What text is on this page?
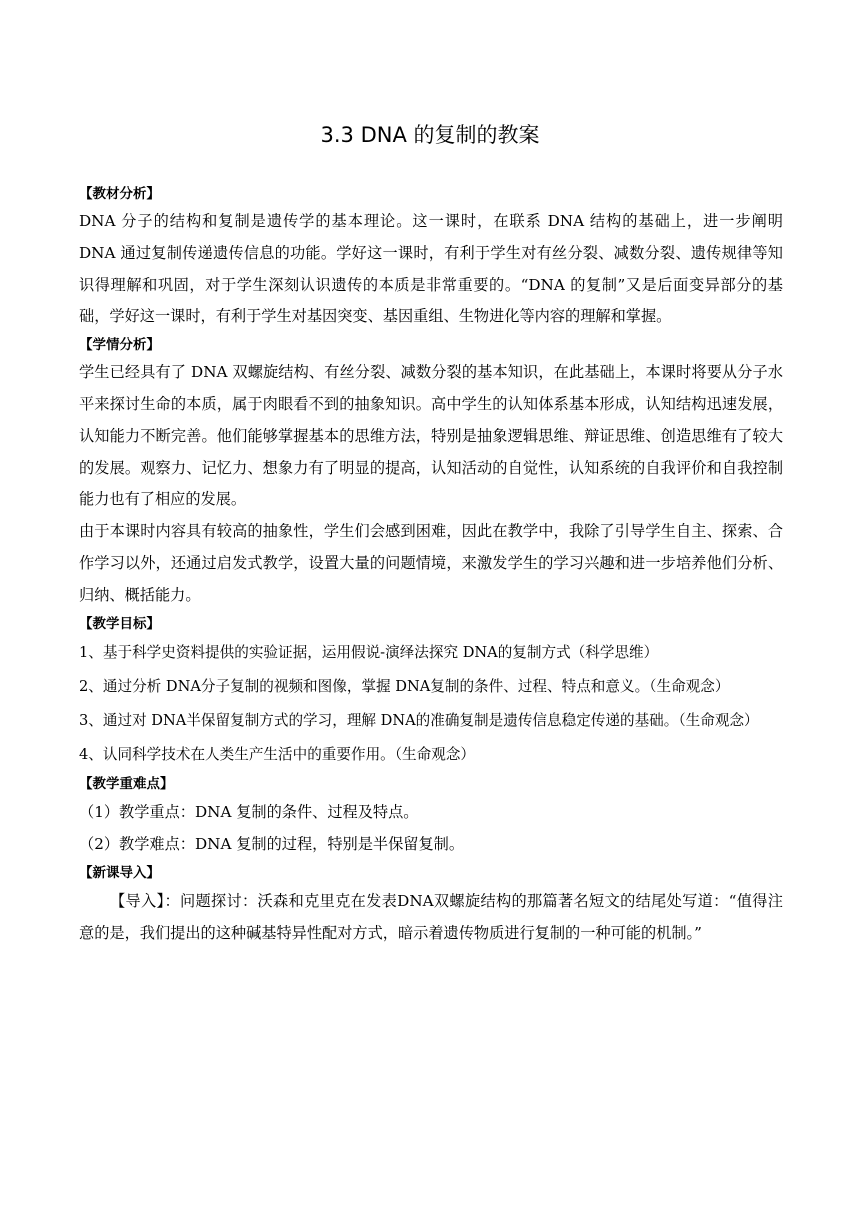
3.3 DNA 的复制的教案
【教材分析】

DNA 分子的结构和复制是遗传学的基本理论。这一课时，在联系 DNA 结构的基础上，进一步阐明 DNA 通过复制传递遗传信息的功能。学好这一课时，有利于学生对有丝分裂、减数分裂、遗传规律等知识得理解和巩固，对于学生深刻认识遗传的本质是非常重要的。“DNA 的复制”又是后面变异部分的基础，学好这一课时，有利于学生对基因突变、基因重组、生物进化等内容的理解和掌握。

【学情分析】

学生已经具有了 DNA 双螺旋结构、有丝分裂、减数分裂的基本知识，在此基础上，本课时将要从分子水平来探讨生命的本质，属于肉眼看不到的抽象知识。高中学生的认知体系基本形成，认知结构迅速发展，认知能力不断完善。他们能够掌握基本的思维方法，特别是抽象逻辑思维、辩证思维、创造思维有了较大的发展。观察力、记忆力、想象力有了明显的提高，认知活动的自觉性，认知系统的自我评价和自我控制能力也有了相应的发展。

由于本课时内容具有较高的抽象性，学生们会感到困难，因此在教学中，我除了引导学生自主、探索、合作学习以外，还通过启发式教学，设置大量的问题情境，来激发学生的学习兴趣和进一步培养他们分析、归纳、概括能力。

【教学目标】

1、基于科学史资料提供的实验证据，运用假说-演绎法探究 DNA的复制方式（科学思维）

2、通过分析 DNA分子复制的视频和图像，掌握 DNA复制的条件、过程、特点和意义。（生命观念）

3、通过对 DNA半保留复制方式的学习，理解 DNA的准确复制是遗传信息稳定传递的基础。（生命观念）

4、认同科学技术在人类生产生活中的重要作用。（生命观念）

【教学重难点】

（1）教学重点：DNA 复制的条件、过程及特点。

（2）教学难点：DNA 复制的过程，特别是半保留复制。

【新课导入】

【导入】：问题探讨：沃森和克里克在发表DNA双螺旋结构的那篇著名短文的结尾处写道：“值得注意的是，我们提出的这种碱基特异性配对方式，暗示着遗传物质进行复制的一种可能的机制。”
